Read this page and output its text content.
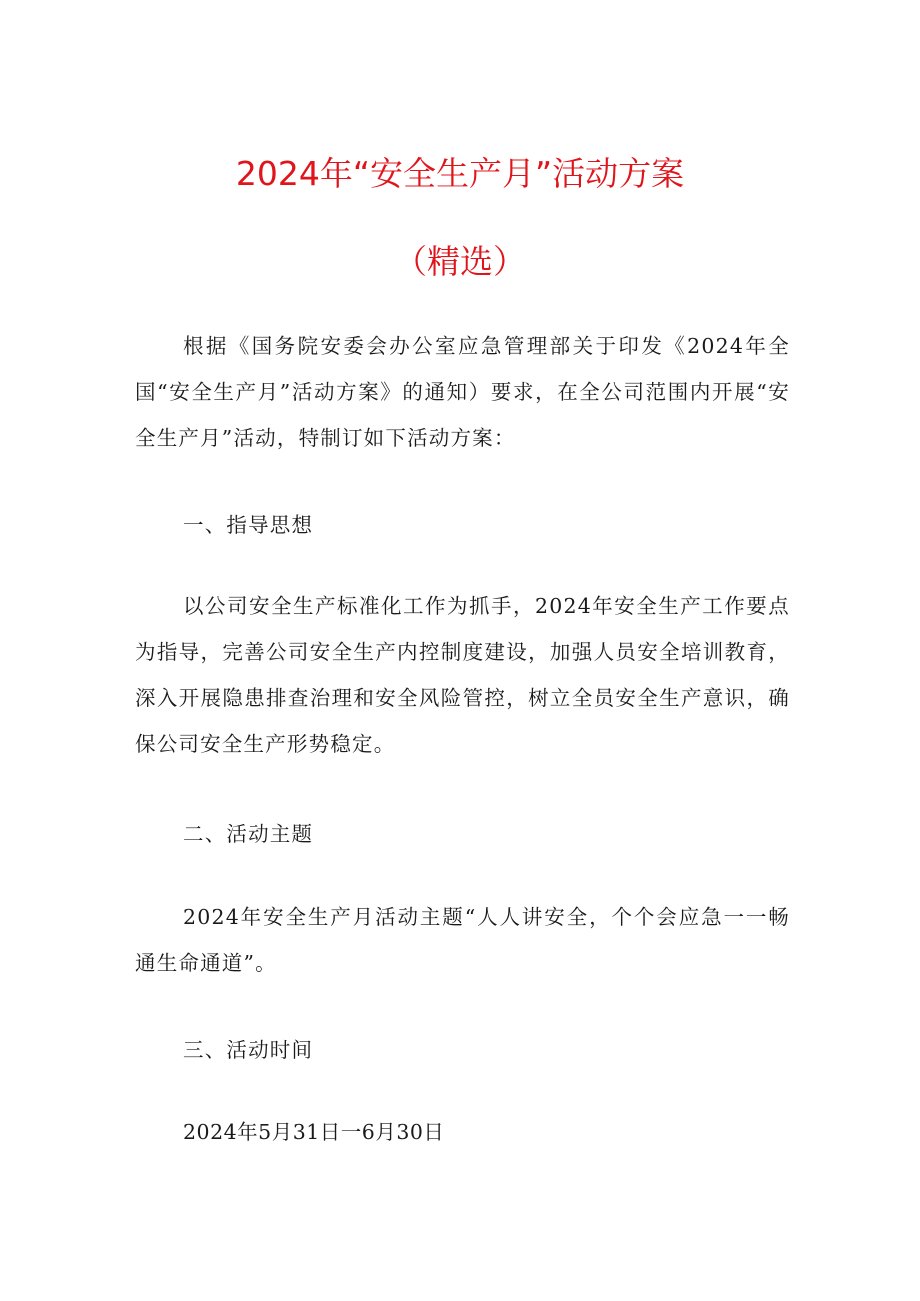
2024年“安全生产月”活动方案
（精选）

根据《国务院安委会办公室应急管理部关于印发《2024年全国“安全生产月”活动方案》的通知）要求，在全公司范围内开展“安全生产月”活动，特制订如下活动方案：

一、指导思想

以公司安全生产标准化工作为抓手，2024年安全生产工作要点为指导，完善公司安全生产内控制度建设，加强人员安全培训教育，深入开展隐患排查治理和安全风险管控，树立全员安全生产意识，确保公司安全生产形势稳定。

二、活动主题

2024年安全生产月活动主题“人人讲安全，个个会应急一一畅通生命通道”。

三、活动时间

2024年5月31日一6月30日
